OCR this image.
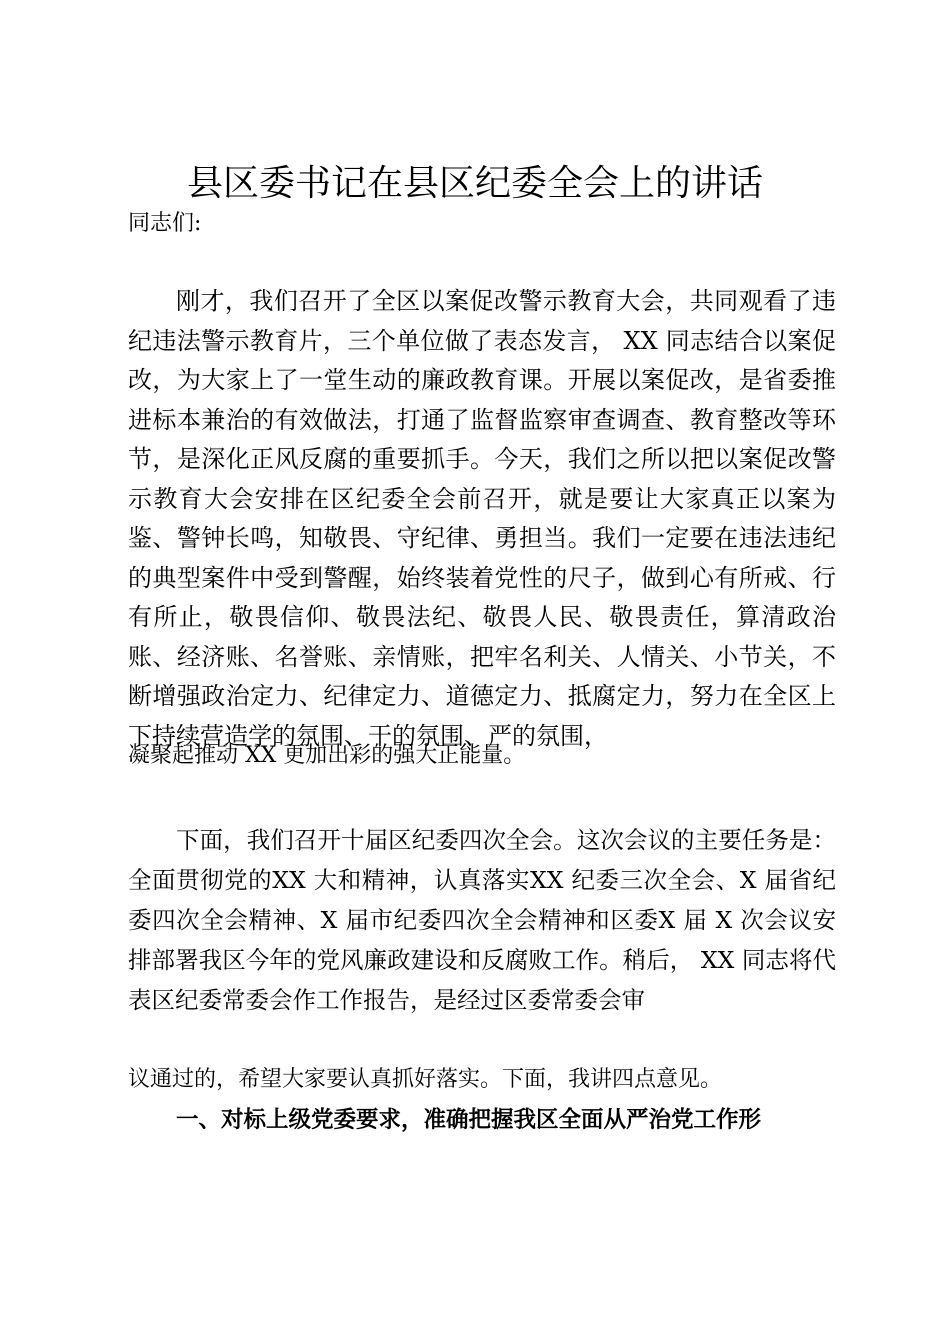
县区委书记在县区纪委全会上的讲话

同志们:

刚才，我们召开了全区以案促改警示教育大会，共同观看了违纪违法警示教育片，三个单位做了表态发言， XX 同志结合以案促改，为大家上了一堂生动的廉政教育课。开展以案促改，是省委推进标本兼治的有效做法，打通了监督监察审查调查、教育整改等环节，是深化正风反腐的重要抓手。今天，我们之所以把以案促改警示教育大会安排在区纪委全会前召开，就是要让大家真正以案为鉴、警钟长鸣，知敬畏、守纪律、勇担当。我们一定要在违法违纪的典型案件中受到警醒，始终装着党性的尺子，做到心有所戒、行有所止，敬畏信仰、敬畏法纪、敬畏人民、敬畏责任，算清政治账、经济账、名誉账、亲情账，把牢名利关、人情关、小节关，不断增强政治定力、纪律定力、道德定力、抵腐定力，努力在全区上下持续营造学的氛围、干的氛围、严的氛围，

凝聚起推动 XX 更加出彩的强大正能量。

下面，我们召开十届区纪委四次全会。这次会议的主要任务是：全面贯彻党的XX 大和精神，认真落实XX 纪委三次全会、X 届省纪委四次全会精神、X 届市纪委四次全会精神和区委X 届 X 次会议安排部署我区今年的党风廉政建设和反腐败工作。稍后， XX 同志将代表区纪委常委会作工作报告，是经过区委常委会审

议通过的，希望大家要认真抓好落实。下面，我讲四点意见。

一、对标上级党委要求，准确把握我区全面从严治党工作形
